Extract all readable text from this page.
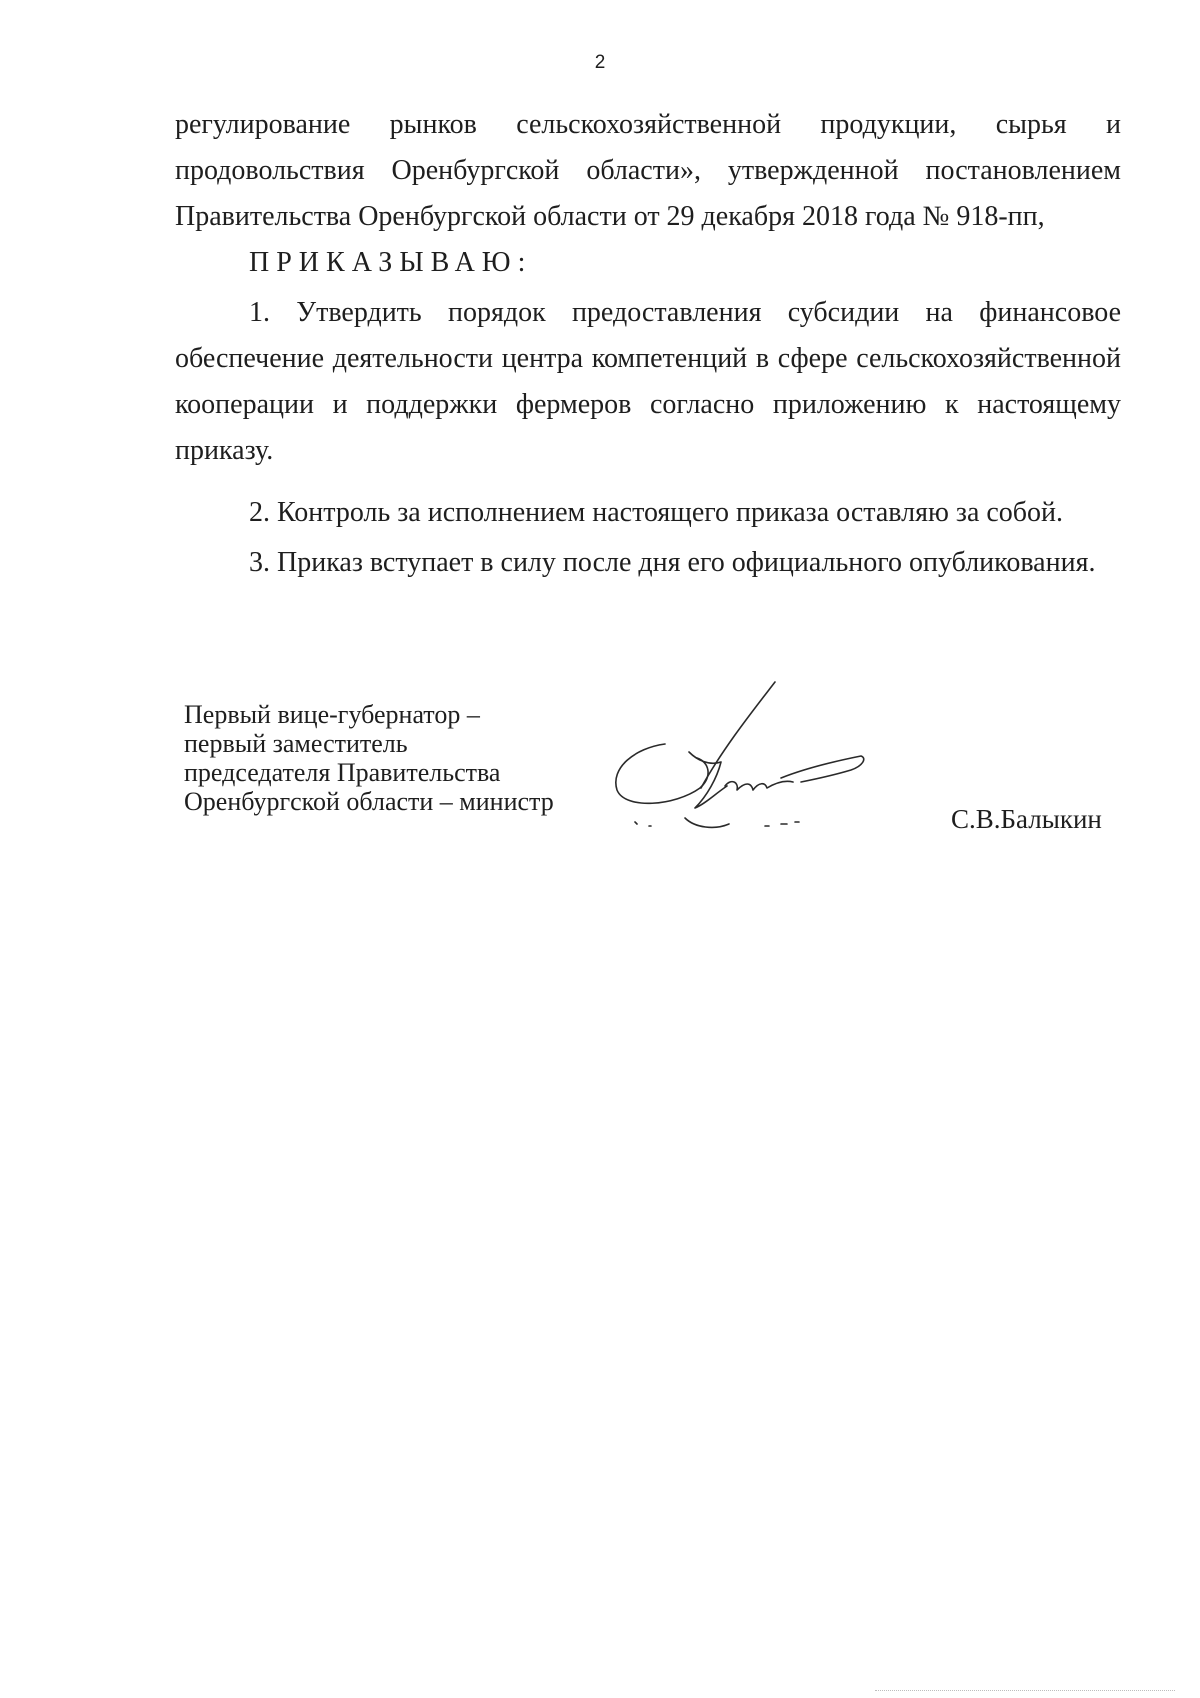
2
регулирование рынков сельскохозяйственной продукции, сырья и продовольствия Оренбургской области», утвержденной постановлением Правительства Оренбургской области от 29 декабря 2018 года № 918-пп,
ПРИКАЗЫВАЮ:
1. Утвердить порядок предоставления субсидии на финансовое обеспечение деятельности центра компетенций в сфере сельскохозяйственной кооперации и поддержки фермеров согласно приложению к настоящему приказу.
2. Контроль за исполнением настоящего приказа оставляю за собой.
3. Приказ вступает в силу после дня его официального опубликования.
Первый вице-губернатор –
первый заместитель
председателя Правительства
Оренбургской области – министр
С.В.Балыкин
